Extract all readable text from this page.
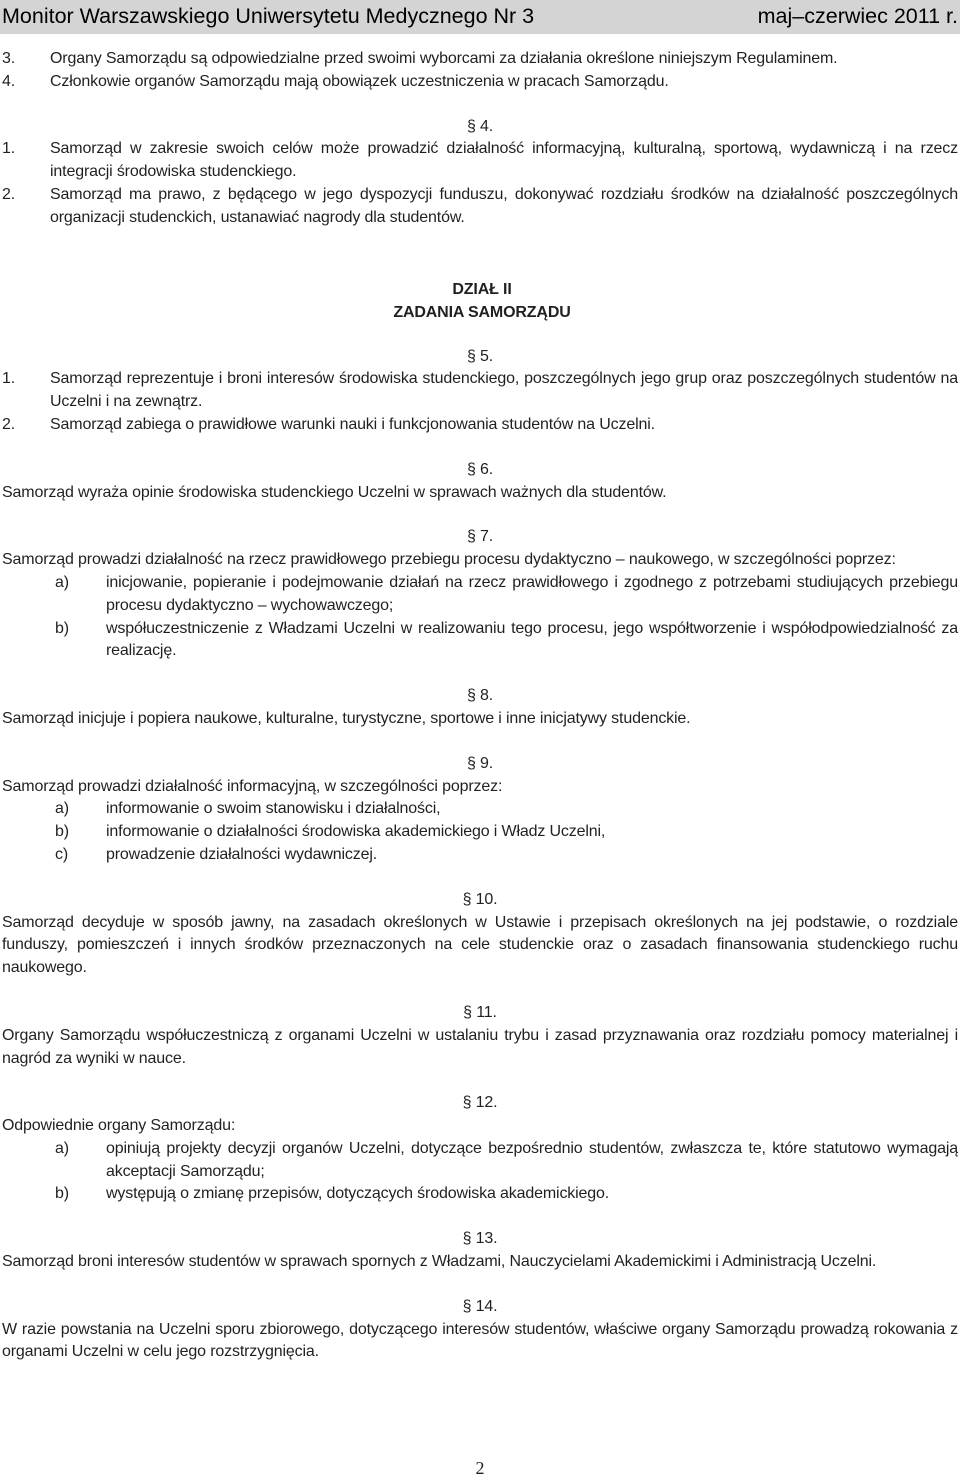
Monitor Warszawskiego Uniwersytetu Medycznego Nr 3	maj–czerwiec 2011 r.
3.	Organy Samorządu są odpowiedzialne przed swoimi wyborcami za działania określone niniejszym Regulaminem.
4.	Członkowie organów Samorządu mają obowiązek uczestniczenia w pracach Samorządu.
§ 4.
1.	Samorząd w zakresie swoich celów może prowadzić działalność informacyjną, kulturalną, sportową, wydawniczą i na rzecz integracji środowiska studenckiego.
2.	Samorząd ma prawo, z będącego w jego dyspozycji funduszu, dokonywać rozdziału środków na działalność poszczególnych organizacji studenckich, ustanawiać nagrody dla studentów.
DZIAŁ II
ZADANIA SAMORZĄDU
§ 5.
1.	Samorząd reprezentuje i broni interesów środowiska studenckiego, poszczególnych jego grup oraz poszczególnych studentów na Uczelni i na zewnątrz.
2.	Samorząd zabiega o prawidłowe warunki nauki i funkcjonowania studentów na Uczelni.
§ 6.
Samorząd wyraża opinie środowiska studenckiego Uczelni w sprawach ważnych dla studentów.
§ 7.
Samorząd prowadzi działalność na rzecz prawidłowego przebiegu procesu dydaktyczno – naukowego, w szczególności poprzez:
a)	inicjowanie, popieranie i podejmowanie działań na rzecz prawidłowego i zgodnego z potrzebami studiujących przebiegu procesu dydaktyczno – wychowawczego;
b)	współuczestniczenie z Władzami Uczelni w realizowaniu tego procesu, jego współtworzenie i współodpowiedzialność za realizację.
§ 8.
Samorząd inicjuje i popiera naukowe, kulturalne, turystyczne, sportowe i inne inicjatywy studenckie.
§ 9.
Samorząd prowadzi działalność informacyjną, w szczególności poprzez:
a)	informowanie o swoim stanowisku i działalności,
b)	informowanie o działalności środowiska akademickiego i Władz Uczelni,
c)	prowadzenie działalności wydawniczej.
§ 10.
Samorząd decyduje w sposób jawny, na zasadach określonych w Ustawie i przepisach określonych na jej podstawie, o rozdziale funduszy, pomieszczeń i innych środków przeznaczonych na cele studenckie oraz o zasadach finansowania studenckiego ruchu naukowego.
§ 11.
Organy Samorządu współuczestniczą z organami Uczelni w ustalaniu trybu i zasad przyznawania oraz rozdziału pomocy materialnej i nagród za wyniki w nauce.
§ 12.
Odpowiednie organy Samorządu:
a)	opiniują projekty decyzji organów Uczelni, dotyczące bezpośrednio studentów, zwłaszcza te, które statutowo wymagają akceptacji Samorządu;
b)	występują o zmianę przepisów, dotyczących środowiska akademickiego.
§ 13.
Samorząd broni interesów studentów w sprawach spornych z Władzami, Nauczycielami Akademickimi i Administracją Uczelni.
§ 14.
W razie powstania na Uczelni sporu zbiorowego, dotyczącego interesów studentów, właściwe organy Samorządu prowadzą rokowania z organami Uczelni w celu jego rozstrzygnięcia.
2
